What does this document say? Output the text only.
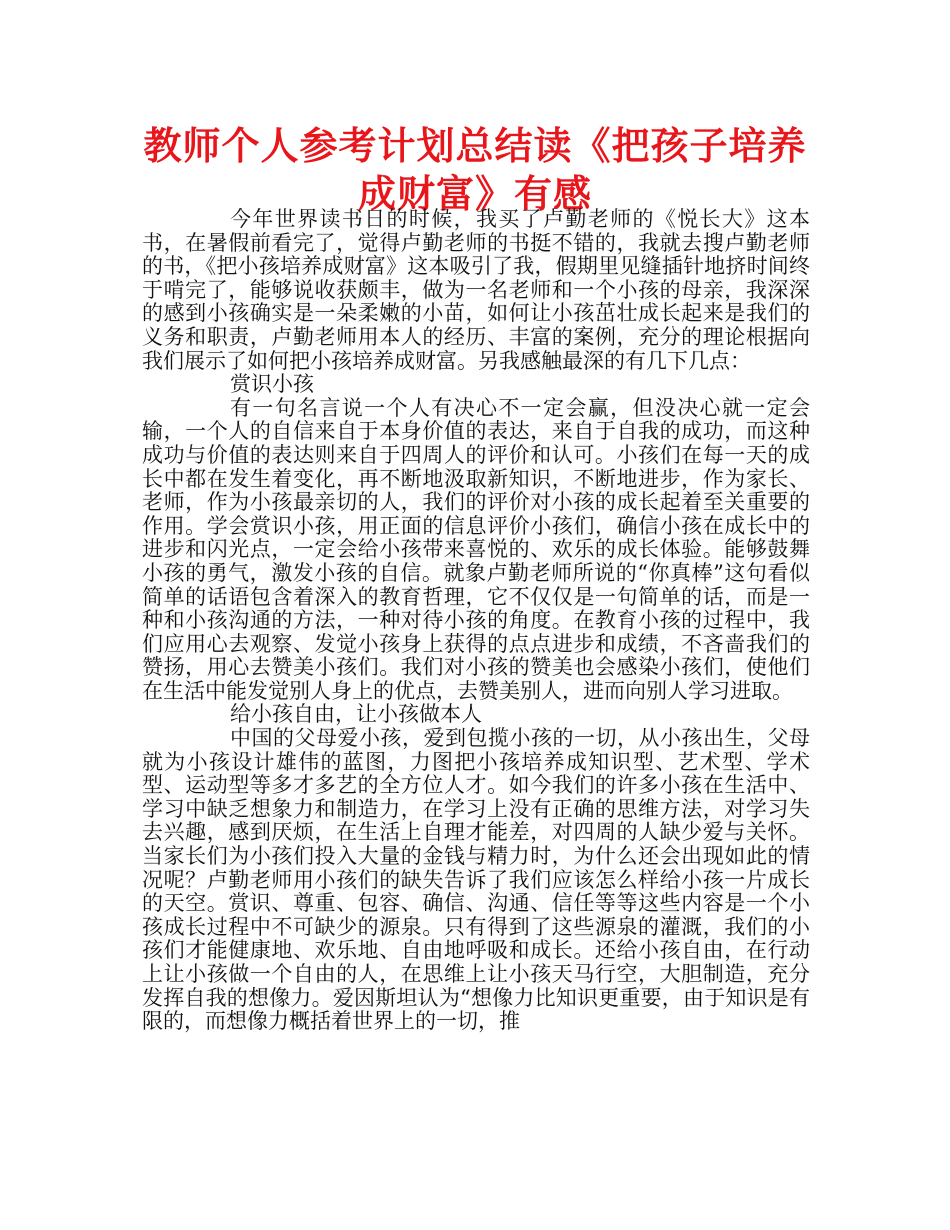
教师个人参考计划总结读《把孩子培养成财富》有感

今年世界读书日的时候，我买了卢勤老师的《悦长大》这本书，在暑假前看完了，觉得卢勤老师的书挺不错的，我就去搜卢勤老师的书，《把小孩培养成财富》这本吸引了我，假期里见缝插针地挤时间终于啃完了，能够说收获颇丰，做为一名老师和一个小孩的母亲，我深深的感到小孩确实是一朵柔嫩的小苗，如何让小孩茁壮成长起来是我们的义务和职责，卢勤老师用本人的经历、丰富的案例，充分的理论根据向我们展示了如何把小孩培养成财富。另我感触最深的有几下几点：

赏识小孩

有一句名言说一个人有决心不一定会赢，但没决心就一定会输，一个人的自信来自于本身价值的表达，来自于自我的成功，而这种成功与价值的表达则来自于四周人的评价和认可。小孩们在每一天的成长中都在发生着变化，再不断地汲取新知识，不断地进步，作为家长、老师，作为小孩最亲切的人，我们的评价对小孩的成长起着至关重要的作用。学会赏识小孩，用正面的信息评价小孩们，确信小孩在成长中的进步和闪光点，一定会给小孩带来喜悦的、欢乐的成长体验。能够鼓舞小孩的勇气，激发小孩的自信。就象卢勤老师所说的“你真棒”这句看似简单的话语包含着深入的教育哲理，它不仅仅是一句简单的话，而是一种和小孩沟通的方法，一种对待小孩的角度。在教育小孩的过程中，我们应用心去观察、发觉小孩身上获得的点点进步和成绩，不吝啬我们的赞扬，用心去赞美小孩们。我们对小孩的赞美也会感染小孩们，使他们在生活中能发觉别人身上的优点，去赞美别人，进而向别人学习进取。

给小孩自由，让小孩做本人

中国的父母爱小孩，爱到包揽小孩的一切，从小孩出生，父母就为小孩设计雄伟的蓝图，力图把小孩培养成知识型、艺术型、学术型、运动型等多才多艺的全方位人才。如今我们的许多小孩在生活中、学习中缺乏想象力和制造力，在学习上没有正确的思维方法，对学习失去兴趣，感到厌烦，在生活上自理才能差，对四周的人缺少爱与关怀。当家长们为小孩们投入大量的金钱与精力时，为什么还会出现如此的情况呢？卢勤老师用小孩们的缺失告诉了我们应该怎么样给小孩一片成长的天空。赏识、尊重、包容、确信、沟通、信任等等这些内容是一个小孩成长过程中不可缺少的源泉。只有得到了这些源泉的灌溉，我们的小孩们才能健康地、欢乐地、自由地呼吸和成长。还给小孩自由，在行动上让小孩做一个自由的人，在思维上让小孩天马行空，大胆制造，充分发挥自我的想像力。爱因斯坦认为“想像力比知识更重要，由于知识是有限的，而想像力概括着世界上的一切，推
